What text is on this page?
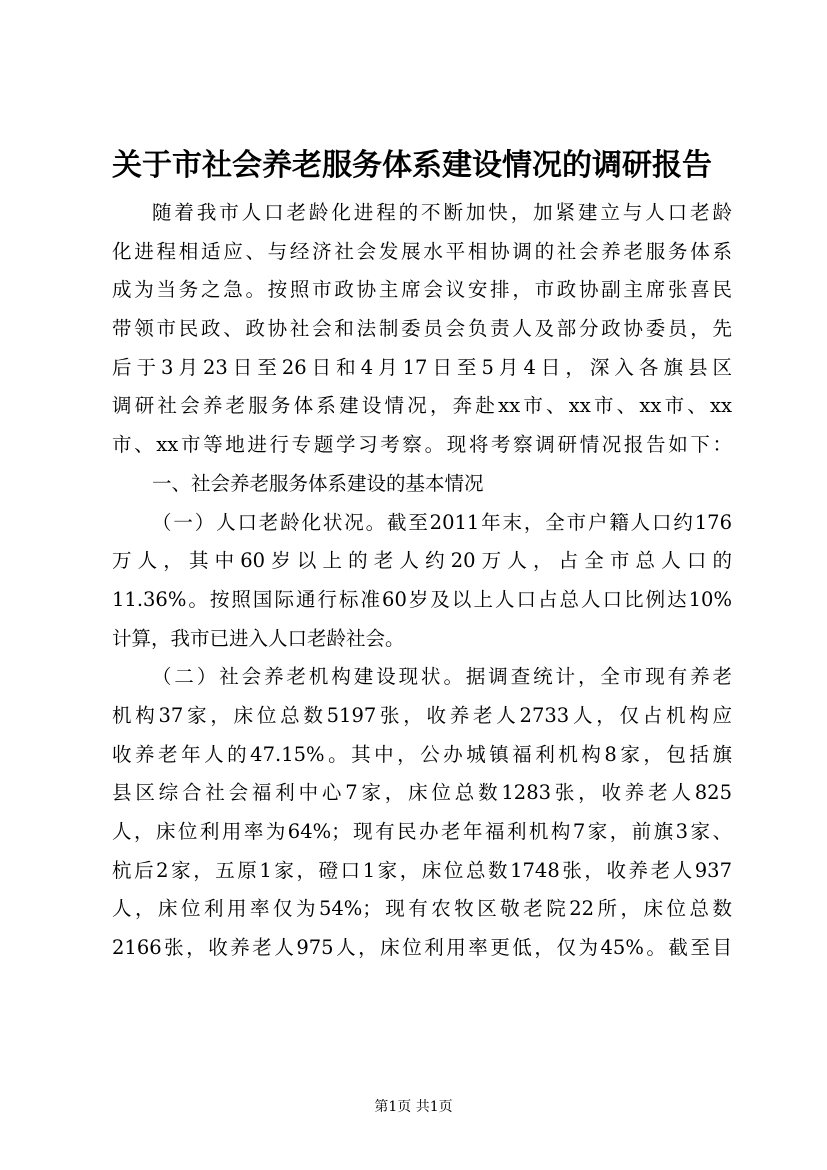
关于市社会养老服务体系建设情况的调研报告
随着我市人口老龄化进程的不断加快，加紧建立与人口老龄
化进程相适应、与经济社会发展水平相协调的社会养老服务体系
成为当务之急。按照市政协主席会议安排，市政协副主席张喜民
带领市民政、政协社会和法制委员会负责人及部分政协委员，先
后于3月23日至26日和4月17日至5月4日，深入各旗县区
调研社会养老服务体系建设情况，奔赴xx市、xx市、xx市、xx
市、xx市等地进行专题学习考察。现将考察调研情况报告如下：
一、社会养老服务体系建设的基本情况
（一）人口老龄化状况。截至2011年末，全市户籍人口约176
万人，其中60岁以上的老人约20万人，占全市总人口的
11.36%。按照国际通行标准60岁及以上人口占总人口比例达10%
计算，我市已进入人口老龄社会。
（二）社会养老机构建设现状。据调查统计，全市现有养老
机构37家，床位总数5197张，收养老人2733人，仅占机构应
收养老年人的47.15%。其中，公办城镇福利机构8家，包括旗
县区综合社会福利中心7家，床位总数1283张，收养老人825
人，床位利用率为64%；现有民办老年福利机构7家，前旗3家、
杭后2家，五原1家，磴口1家，床位总数1748张，收养老人937
人，床位利用率仅为54%；现有农牧区敬老院22所，床位总数
2166张，收养老人975人，床位利用率更低，仅为45%。截至目
第1页 共1页
